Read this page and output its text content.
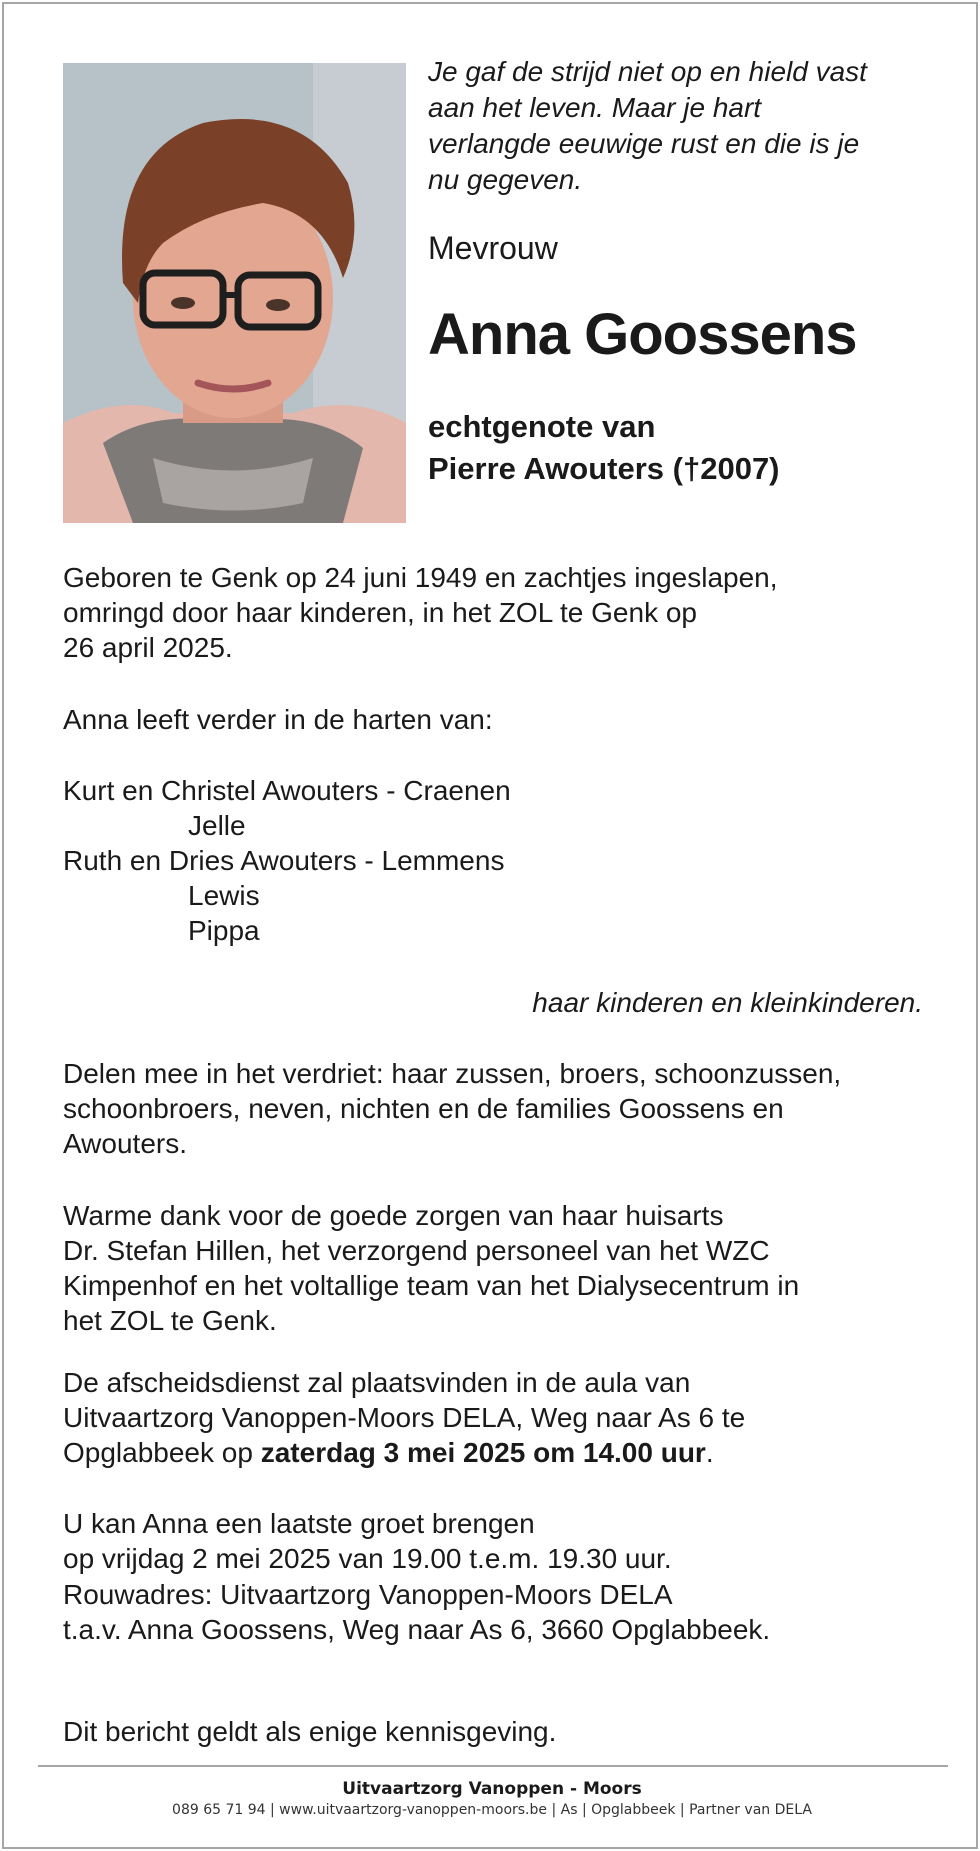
Je gaf de strijd niet op en hield vast
aan het leven. Maar je hart
verlangde eeuwige rust en die is je
nu gegeven.

Mevrouw

Anna Goossens

echtgenote van
Pierre Awouters (†2007)

Geboren te Genk op 24 juni 1949 en zachtjes ingeslapen,
omringd door haar kinderen, in het ZOL te Genk op
26 april 2025.

Anna leeft verder in de harten van:

Kurt en Christel Awouters - Craenen

Jelle

Ruth en Dries Awouters - Lemmens

Lewis

Pippa

haar kinderen en kleinkinderen.

Delen mee in het verdriet: haar zussen, broers, schoonzussen,
schoonbroers, neven, nichten en de families Goossens en
Awouters.

Warme dank voor de goede zorgen van haar huisarts
Dr. Stefan Hillen, het verzorgend personeel van het WZC
Kimpenhof en het voltallige team van het Dialysecentrum in
het ZOL te Genk.

De afscheidsdienst zal plaatsvinden in de aula van
Uitvaartzorg Vanoppen-Moors DELA, Weg naar As 6 te
Opglabbeek op zaterdag 3 mei 2025 om 14.00 uur.

U kan Anna een laatste groet brengen
op vrijdag 2 mei 2025 van 19.00 t.e.m. 19.30 uur.

Rouwadres: Uitvaartzorg Vanoppen-Moors DELA
t.a.v. Anna Goossens, Weg naar As 6, 3660 Opglabbeek.

Dit bericht geldt als enige kennisgeving.

Uitvaartzorg Vanoppen - Moors

089 65 71 94 | www.uitvaartzorg-vanoppen-moors.be | As | Opglabbeek | Partner van DELA
